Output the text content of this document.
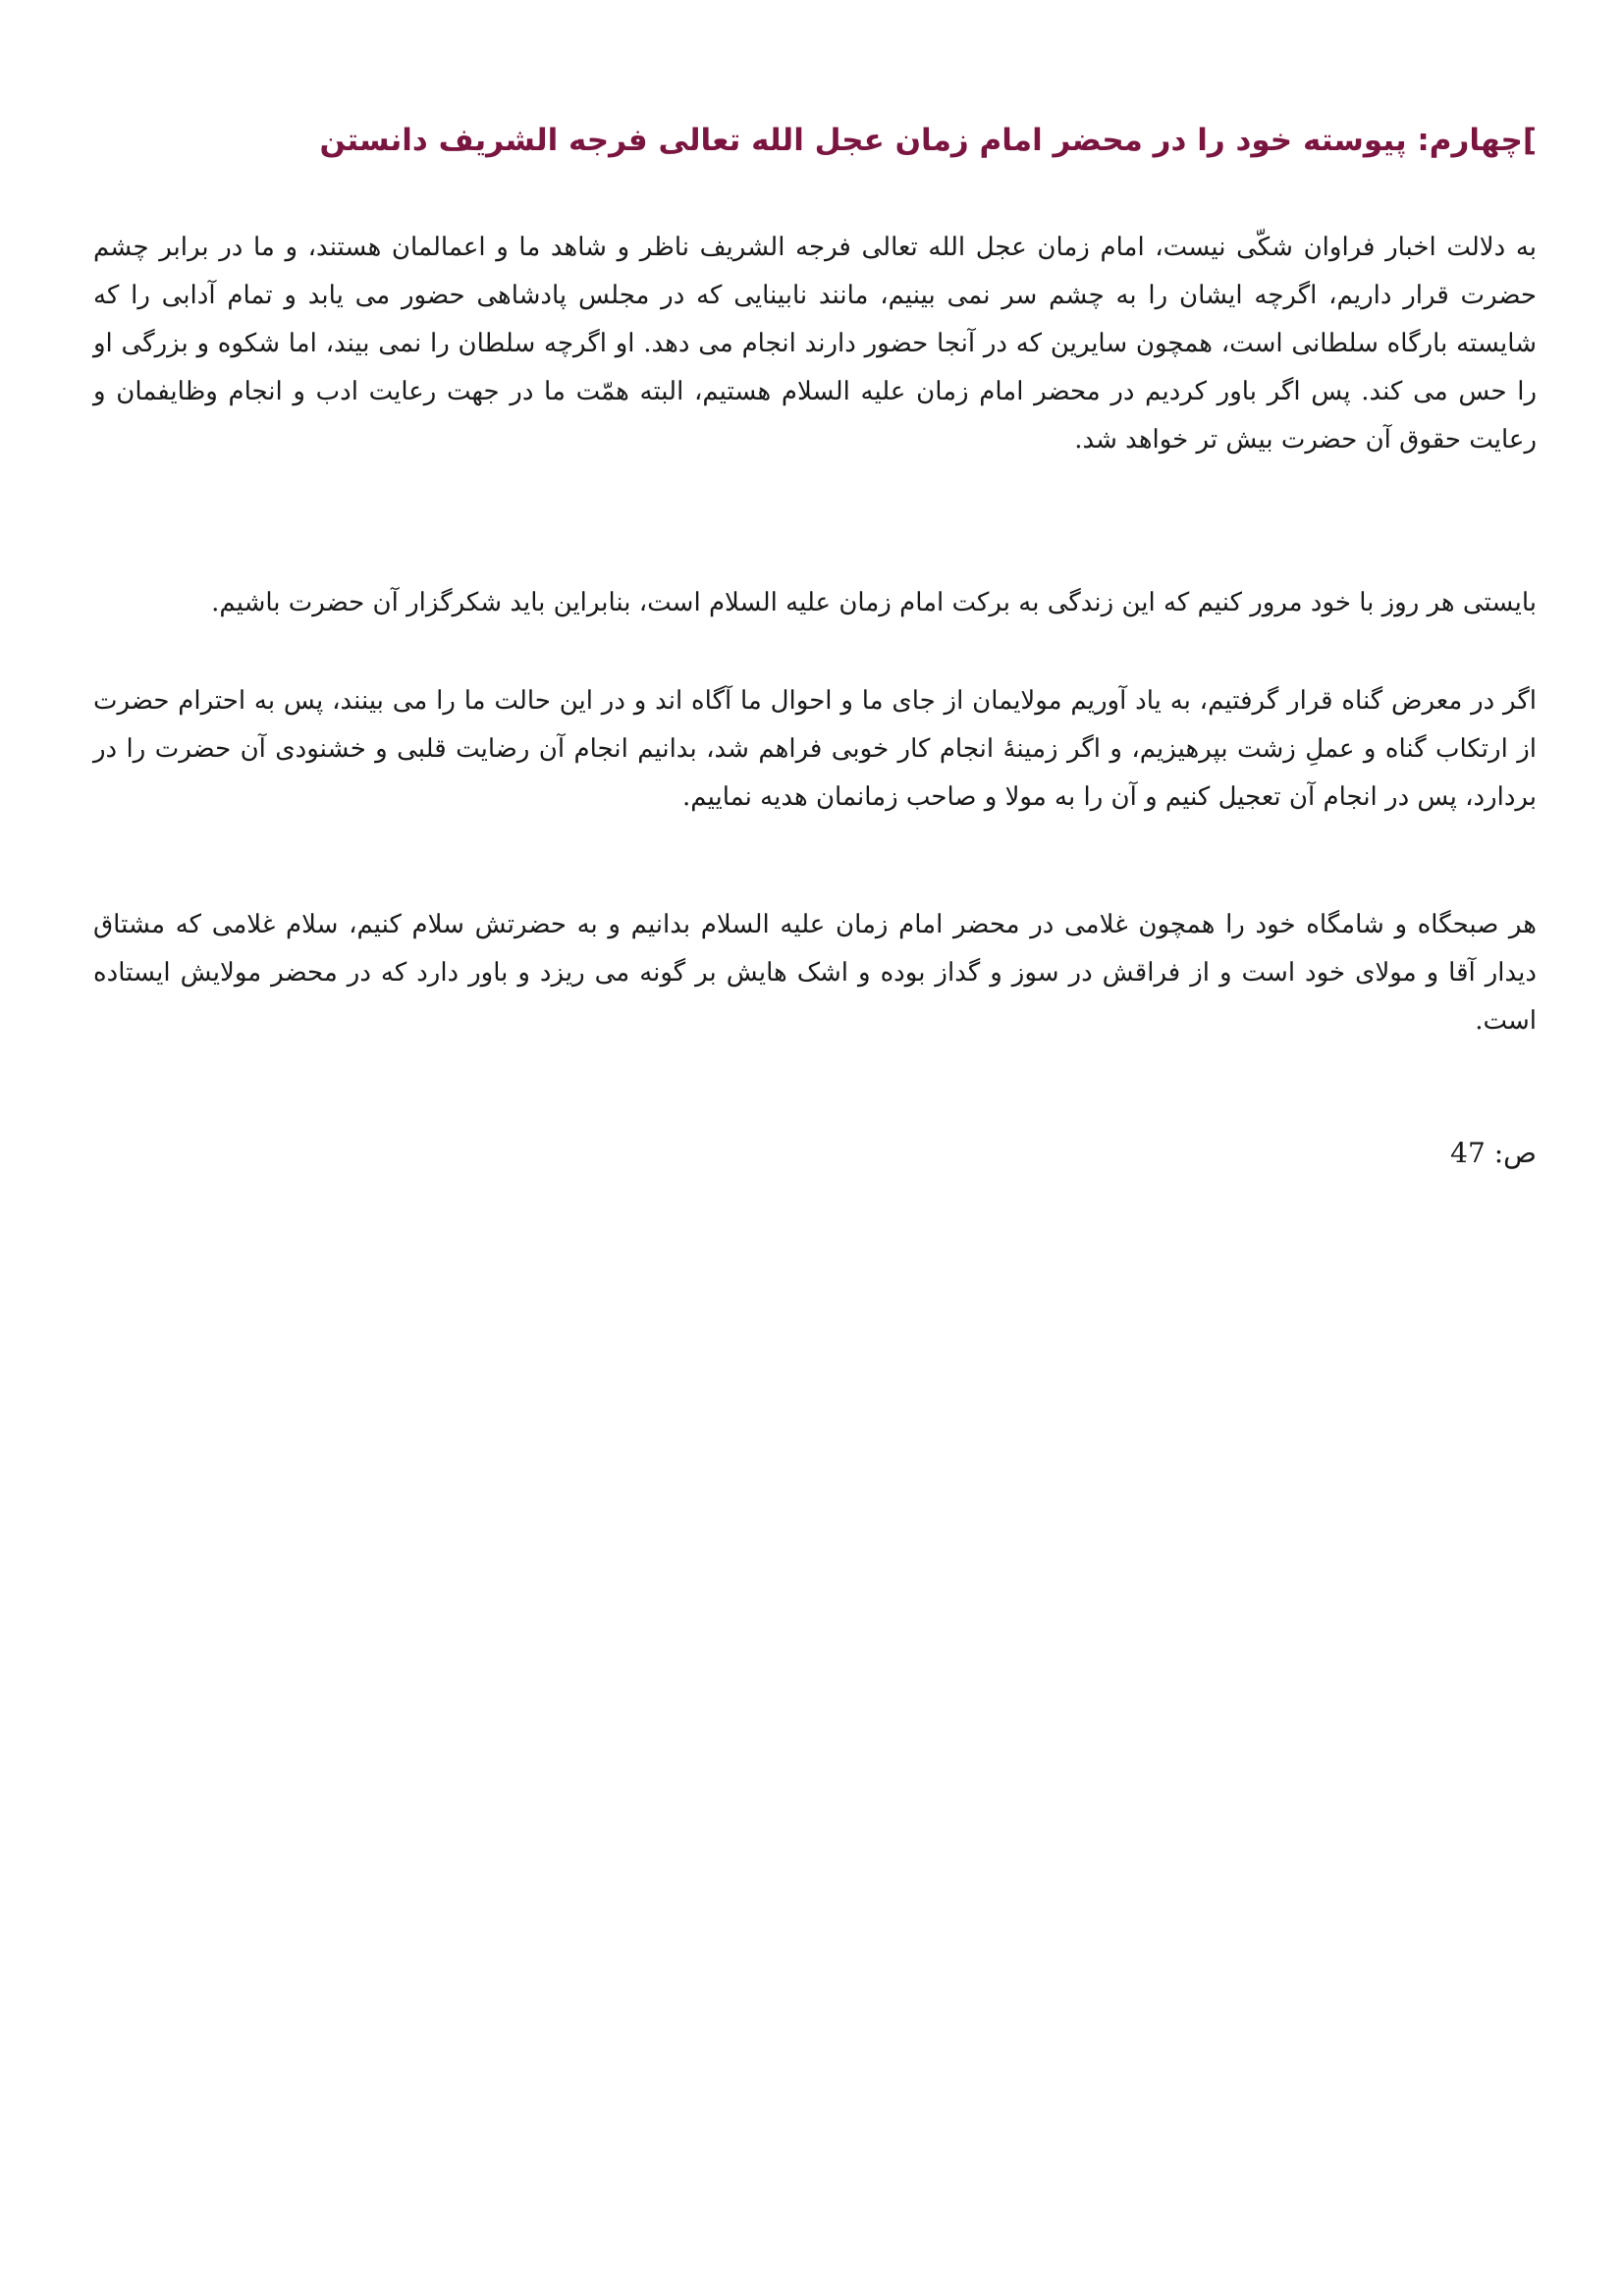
]چهارم: پیوسته خود را در محضر امام زمان عجل الله تعالی فرجه الشریف دانستن

به دلالت اخبار فراوان شکّی نیست، امام زمان عجل الله تعالی فرجه الشریف ناظر و شاهد ما و اعمالمان هستند، و ما در برابر چشم حضرت قرار داریم، اگرچه ایشان را به چشم سر نمی بینیم، مانند نابینایی که در مجلس پادشاهی حضور می یابد و تمام آدابی را که شایسته بارگاه سلطانی است، همچون سایرین که در آنجا حضور دارند انجام می دهد. او اگرچه سلطان را نمی بیند، اما شکوه و بزرگی او را حس می کند. پس اگر باور کردیم در محضر امام زمان علیه السلام هستیم، البته همّت ما در جهت رعایت ادب و انجام وظایفمان و رعایت حقوق آن حضرت بیش تر خواهد شد.

بایستی هر روز با خود مرور کنیم که این زندگی به برکت امام زمان علیه السلام است، بنابراین باید شکرگزار آن حضرت باشیم.

اگر در معرض گناه قرار گرفتیم، به یاد آوریم مولایمان از جای ما و احوال ما آگاه اند و در این حالت ما را می بینند، پس به احترام حضرت از ارتکاب گناه و عملِ زشت بپرهیزیم، و اگر زمینهٔ انجام کار خوبی فراهم شد، بدانیم انجام آن رضایت قلبی و خشنودی آن حضرت را در بردارد، پس در انجام آن تعجیل کنیم و آن را به مولا و صاحب زمانمان هدیه نماییم.

هر صبحگاه و شامگاه خود را همچون غلامی در محضر امام زمان علیه السلام بدانیم و به حضرتش سلام کنیم، سلام غلامی که مشتاق دیدار آقا و مولای خود است و از فراقش در سوز و گداز بوده و اشک هایش بر گونه می ریزد و باور دارد که در محضر مولایش ایستاده است.

ص: 47
